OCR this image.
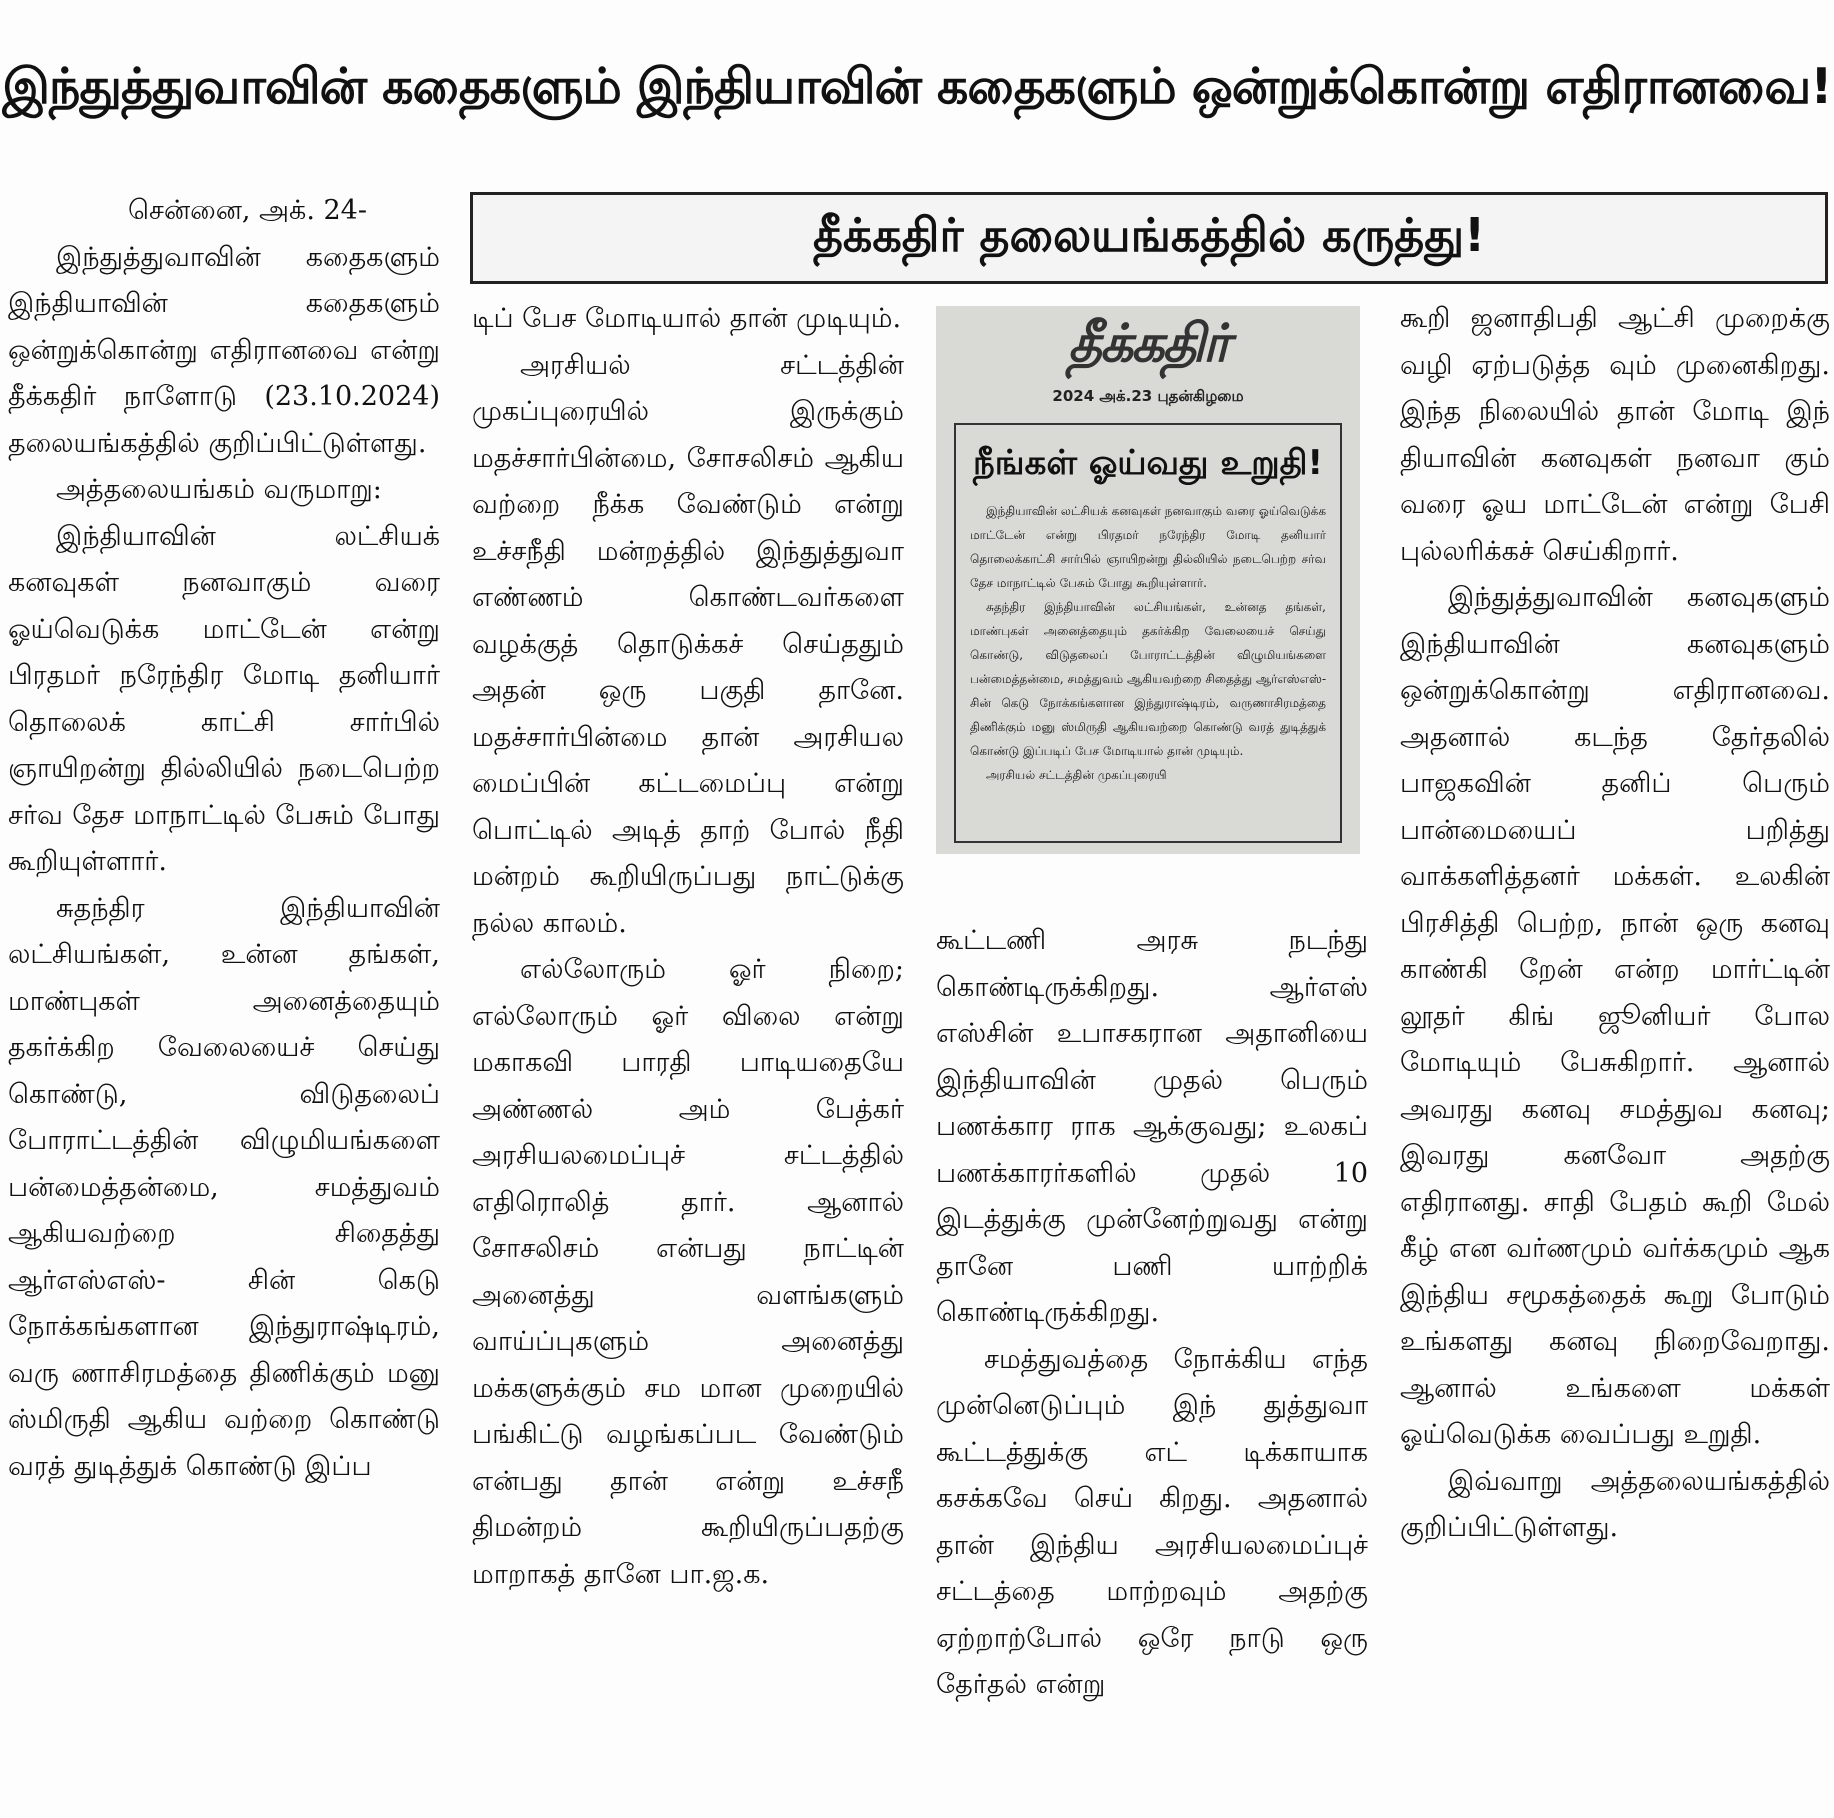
இந்துத்துவாவின் கதைகளும் இந்தியாவின் கதைகளும் ஒன்றுக்கொன்று எதிரானவை!
தீக்கதிர் தலையங்கத்தில் கருத்து!

சென்னை, அக். 24-

இந்துத்துவாவின் கதைகளும் இந்தியாவின் கதைகளும் ஒன்றுக்கொன்று எதிரானவை என்று தீக்கதிர் நாளோடு (23.10.2024) தலையங்கத்தில் குறிப்பிட்டுள்ளது.

அத்தலையங்கம் வருமாறு:

இந்தியாவின் லட்சியக் கனவுகள் நனவாகும் வரை ஓய்வெடுக்க மாட்டேன் என்று பிரதமர் நரேந்திர மோடி தனியார் தொலைக் காட்சி சார்பில் ஞாயிறன்று தில்லியில் நடைபெற்ற சர்வ தேச மாநாட்டில் பேசும் போது கூறியுள்ளார்.

சுதந்திர இந்தியாவின் லட்சியங்கள், உன்ன தங்கள், மாண்புகள் அனைத்தையும் தகர்க்கிற வேலையைச் செய்து கொண்டு, விடுதலைப் போராட்டத்தின் விழுமியங்களை பன்மைத்தன்மை, சமத்துவம் ஆகியவற்றை சிதைத்து ஆர்எஸ்எஸ்- சின் கெடு நோக்கங்களான இந்துராஷ்டிரம், வரு ணாசிரமத்தை திணிக்கும் மனு ஸ்மிருதி ஆகிய வற்றை கொண்டு வரத் துடித்துக் கொண்டு இப்ப

டிப் பேச மோடியால் தான் முடியும்.

அரசியல் சட்டத்தின் முகப்புரையில் இருக்கும் மதச்சார்பின்மை, சோசலிசம் ஆகிய வற்றை நீக்க வேண்டும் என்று உச்சநீதி மன்றத்தில் இந்துத்துவா எண்ணம் கொண்டவர்களை வழக்குத் தொடுக்கச் செய்ததும் அதன் ஒரு பகுதி தானே. மதச்சார்பின்மை தான் அரசியல மைப்பின் கட்டமைப்பு என்று பொட்டில் அடித் தாற் போல் நீதி மன்றம் கூறியிருப்பது நாட்டுக்கு நல்ல காலம்.

எல்லோரும் ஓர் நிறை; எல்லோரும் ஓர் விலை என்று மகாகவி பாரதி பாடியதையே அண்ணல் அம் பேத்கர் அரசியலமைப்புச் சட்டத்தில் எதிரொலித் தார். ஆனால் சோசலிசம் என்பது நாட்டின் அனைத்து வளங்களும் வாய்ப்புகளும் அனைத்து மக்களுக்கும் சம மான முறையில் பங்கிட்டு வழங்கப்பட வேண்டும் என்பது தான் என்று உச்சநீ திமன்றம் கூறியிருப்பதற்கு மாறாகத் தானே பா.ஜ.க.

தீக்கதிர்
2024 அக்.23 புதன்கிழமை
நீங்கள் ஓய்வது உறுதி!

இந்தியாவின் லட்சியக் கனவுகள் நனவாகும் வரை ஓய்வெடுக்க மாட்டேன் என்று பிரதமர் நரேந்திர மோடி தனியார் தொலைக்காட்சி சார்பில் ஞாயிறன்று தில்லியில் நடைபெற்ற சர்வ தேச மாநாட்டில் பேசும் போது கூறியுள்ளார்.

சுதந்திர இந்தியாவின் லட்சியங்கள், உன்னத தங்கள், மாண்புகள் அனைத்தையும் தகர்க்கிற வேலையைச் செய்து கொண்டு, விடுதலைப் போராட்டத்தின் விழுமியங்களை பன்மைத்தன்மை, சமத்துவம் ஆகியவற்றை சிதைத்து ஆர்எஸ்எஸ்-சின் கெடு நோக்கங்களான இந்துராஷ்டிரம், வருணாசிரமத்தை திணிக்கும் மனு ஸ்மிருதி ஆகியவற்றை கொண்டு வரத் துடித்துக் கொண்டு இப்படிப் பேச மோடியால் தான் முடியும்.

அரசியல் சட்டத்தின் முகப்புரையி

கூட்டணி அரசு நடந்து கொண்டிருக்கிறது. ஆர்எஸ் எஸ்சின் உபாசகரான அதானியை இந்தியாவின் முதல் பெரும் பணக்கார ராக ஆக்குவது; உலகப் பணக்காரர்களில் முதல் 10 இடத்துக்கு முன்னேற்றுவது என்று தானே பணி யாற்றிக் கொண்டிருக்கிறது.

சமத்துவத்தை நோக்கிய எந்த முன்னெடுப்பும் இந் துத்துவா கூட்டத்துக்கு எட் டிக்காயாக கசக்கவே செய் கிறது. அதனால் தான் இந்திய அரசியலமைப்புச் சட்டத்தை மாற்றவும் அதற்கு ஏற்றாற்போல் ஒரே நாடு ஒரு தேர்தல் என்று

கூறி ஜனாதிபதி ஆட்சி முறைக்கு வழி ஏற்படுத்த வும் முனைகிறது. இந்த நிலையில் தான் மோடி இந் தியாவின் கனவுகள் நனவா கும் வரை ஓய மாட்டேன் என்று பேசி புல்லரிக்கச் செய்கிறார்.

இந்துத்துவாவின் கனவுகளும் இந்தியாவின் கனவுகளும் ஒன்றுக்கொன்று எதிரானவை. அதனால் கடந்த தேர்தலில் பாஜகவின் தனிப் பெரும் பான்மையைப் பறித்து வாக்களித்தனர் மக்கள். உலகின் பிரசித்தி பெற்ற, நான் ஒரு கனவு காண்கி றேன் என்ற மார்ட்டின் லூதர் கிங் ஜூனியர் போல மோடியும் பேசுகிறார். ஆனால் அவரது கனவு சமத்துவ கனவு; இவரது கனவோ அதற்கு எதிரானது. சாதி பேதம் கூறி மேல் கீழ் என வர்ணமும் வர்க்கமும் ஆக இந்திய சமூகத்தைக் கூறு போடும் உங்களது கனவு நிறைவேறாது. ஆனால் உங்களை மக்கள் ஓய்வெடுக்க வைப்பது உறுதி.

இவ்வாறு அத்தலையங்கத்தில் குறிப்பிட்டுள்ளது.
